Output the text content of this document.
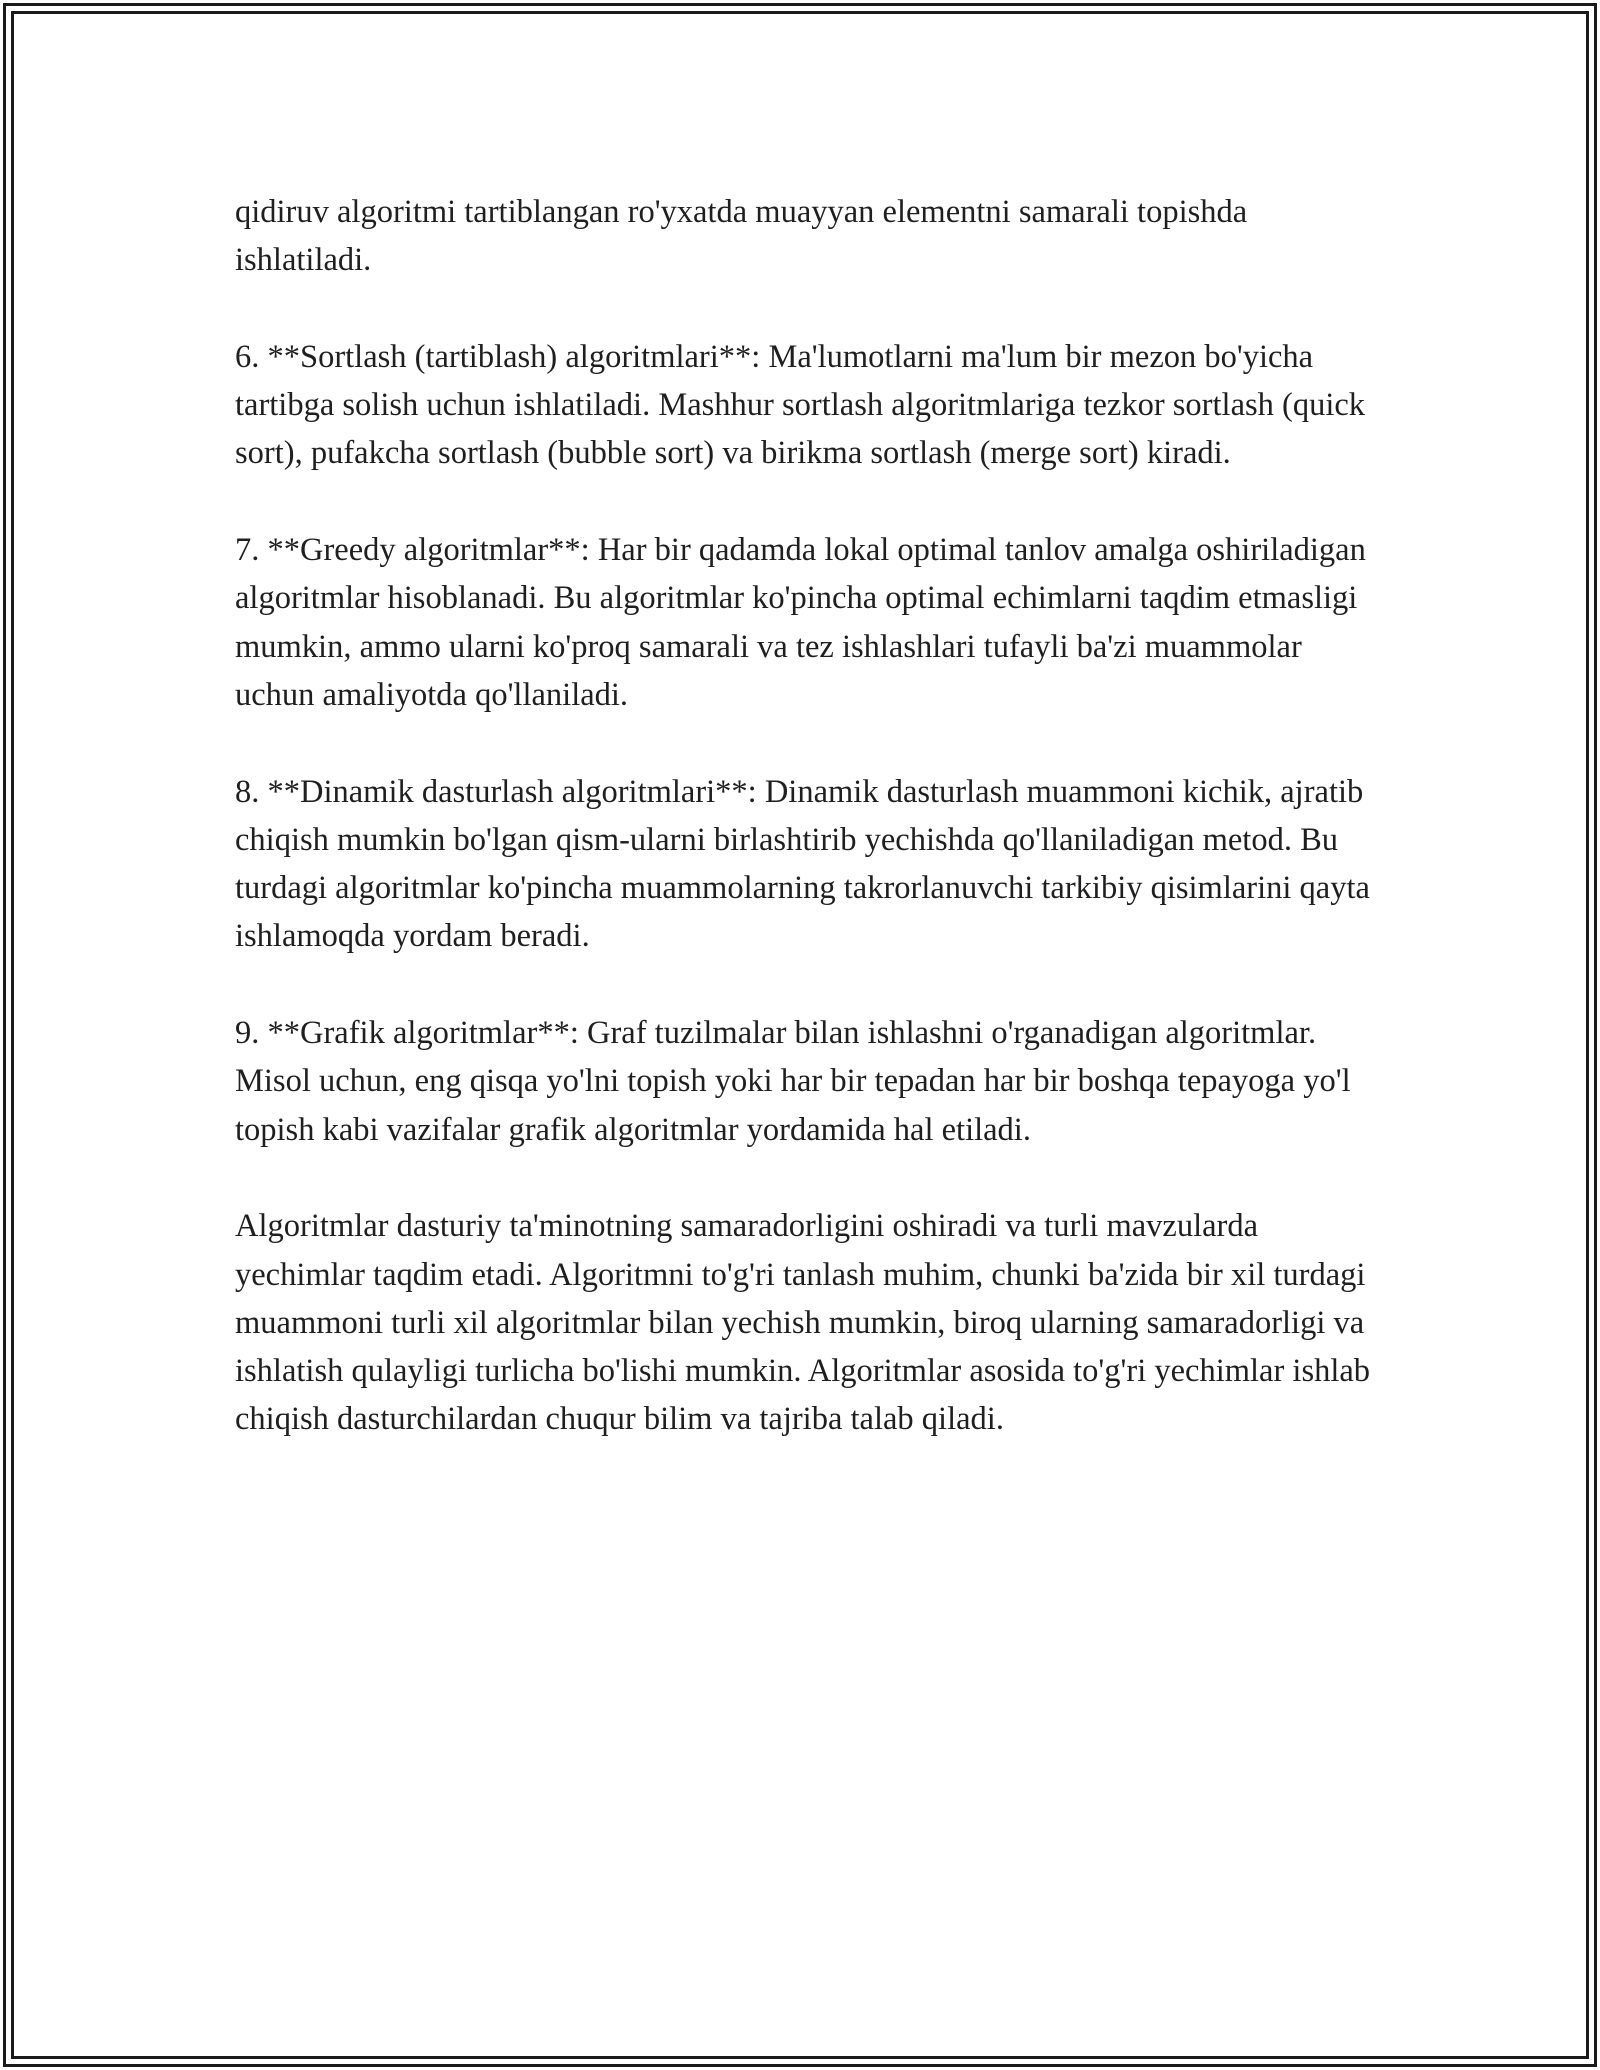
qidiruv algoritmi tartiblangan ro'yxatda muayyan elementni samarali topishda ishlatiladi.

6. **Sortlash (tartiblash) algoritmlari**: Ma'lumotlarni ma'lum bir mezon bo'yicha tartibga solish uchun ishlatiladi. Mashhur sortlash algoritmlariga tezkor sortlash (quick sort), pufakcha sortlash (bubble sort) va birikma sortlash (merge sort) kiradi.

7. **Greedy algoritmlar**: Har bir qadamda lokal optimal tanlov amalga oshiriladigan algoritmlar hisoblanadi. Bu algoritmlar ko'pincha optimal echimlarni taqdim etmasligi mumkin, ammo ularni ko'proq samarali va tez ishlashlari tufayli ba'zi muammolar uchun amaliyotda qo'llaniladi.

8. **Dinamik dasturlash algoritmlari**: Dinamik dasturlash muammoni kichik, ajratib chiqish mumkin bo'lgan qism-ularni birlashtirib yechishda qo'llaniladigan metod. Bu turdagi algoritmlar ko'pincha muammolarning takrorlanuvchi tarkibiy qisimlarini qayta ishlamoqda yordam beradi.

9. **Grafik algoritmlar**: Graf tuzilmalar bilan ishlashni o'rganadigan algoritmlar. Misol uchun, eng qisqa yo'lni topish yoki har bir tepadan har bir boshqa tepayoga yo'l topish kabi vazifalar grafik algoritmlar yordamida hal etiladi.

Algoritmlar dasturiy ta'minotning samaradorligini oshiradi va turli mavzularda yechimlar taqdim etadi. Algoritmni to'g'ri tanlash muhim, chunki ba'zida bir xil turdagi muammoni turli xil algoritmlar bilan yechish mumkin, biroq ularning samaradorligi va ishlatish qulayligi turlicha bo'lishi mumkin. Algoritmlar asosida to'g'ri yechimlar ishlab chiqish dasturchilardan chuqur bilim va tajriba talab qiladi.
